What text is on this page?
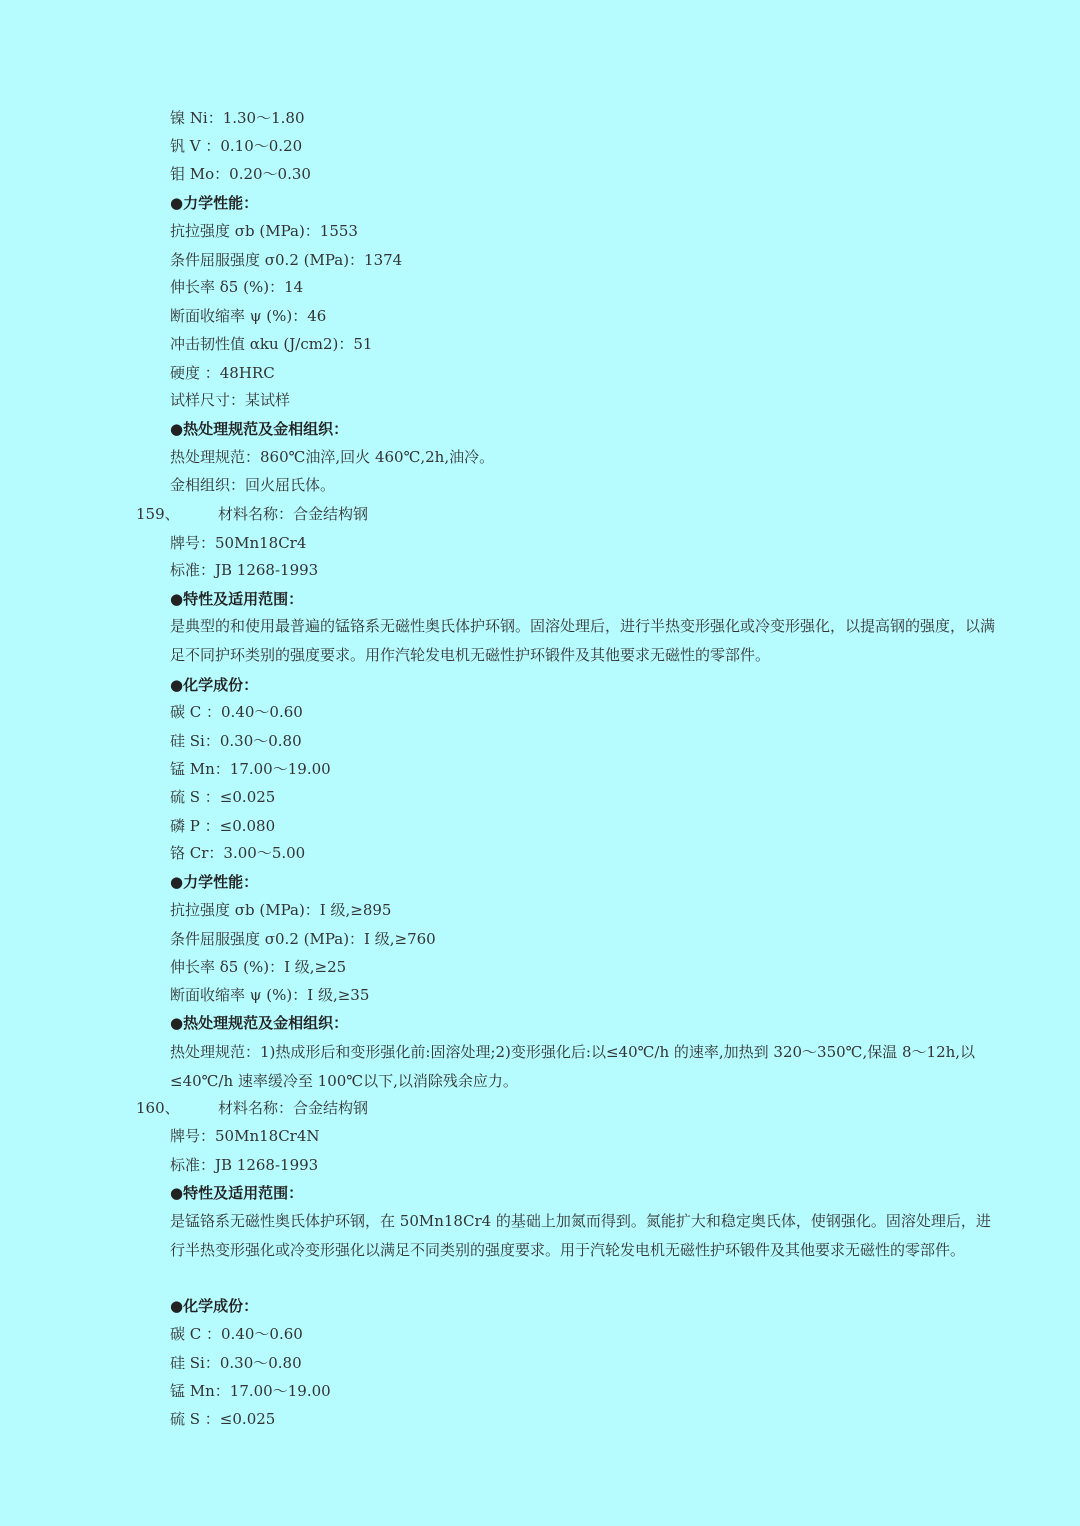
镍 Ni：1.30～1.80
钒 V ：0.10～0.20
钼 Mo：0.20～0.30
●力学性能：
抗拉强度 σb (MPa)：1553
条件屈服强度 σ0.2 (MPa)：1374
伸长率 δ5 (%)：14
断面收缩率 ψ (%)：46
冲击韧性值 αku (J/cm2)：51
硬度 ：48HRC
试样尺寸：某试样
●热处理规范及金相组织：
热处理规范：860℃油淬,回火 460℃,2h,油冷。
金相组织：回火屈氏体。
159、	材料名称：合金结构钢
牌号：50Mn18Cr4
标准：JB 1268-1993
●特性及适用范围：
是典型的和使用最普遍的锰铬系无磁性奥氏体护环钢。固溶处理后，进行半热变形强化或冷变形强化，以提高钢的强度，以满足不同护环类别的强度要求。用作汽轮发电机无磁性护环锻件及其他要求无磁性的零部件。
●化学成份：
碳 C ：0.40～0.60
硅 Si：0.30～0.80
锰 Mn：17.00～19.00
硫 S ：≤0.025
磷 P ：≤0.080
铬 Cr：3.00～5.00
●力学性能：
抗拉强度 σb (MPa)：I 级,≥895
条件屈服强度 σ0.2 (MPa)：I 级,≥760
伸长率 δ5 (%)：I 级,≥25
断面收缩率 ψ (%)：I 级,≥35
●热处理规范及金相组织：
热处理规范：1)热成形后和变形强化前:固溶处理;2)变形强化后:以≤40℃/h 的速率,加热到 320～350℃,保温 8～12h,以≤40℃/h 速率缓冷至 100℃以下,以消除残余应力。
160、	材料名称：合金结构钢
牌号：50Mn18Cr4N
标准：JB 1268-1993
●特性及适用范围：
是锰铬系无磁性奥氏体护环钢，在 50Mn18Cr4 的基础上加氮而得到。氮能扩大和稳定奥氏体，使钢强化。固溶处理后，进行半热变形强化或冷变形强化以满足不同类别的强度要求。用于汽轮发电机无磁性护环锻件及其他要求无磁性的零部件。
●化学成份：
碳 C ：0.40～0.60
硅 Si：0.30～0.80
锰 Mn：17.00～19.00
硫 S ：≤0.025
